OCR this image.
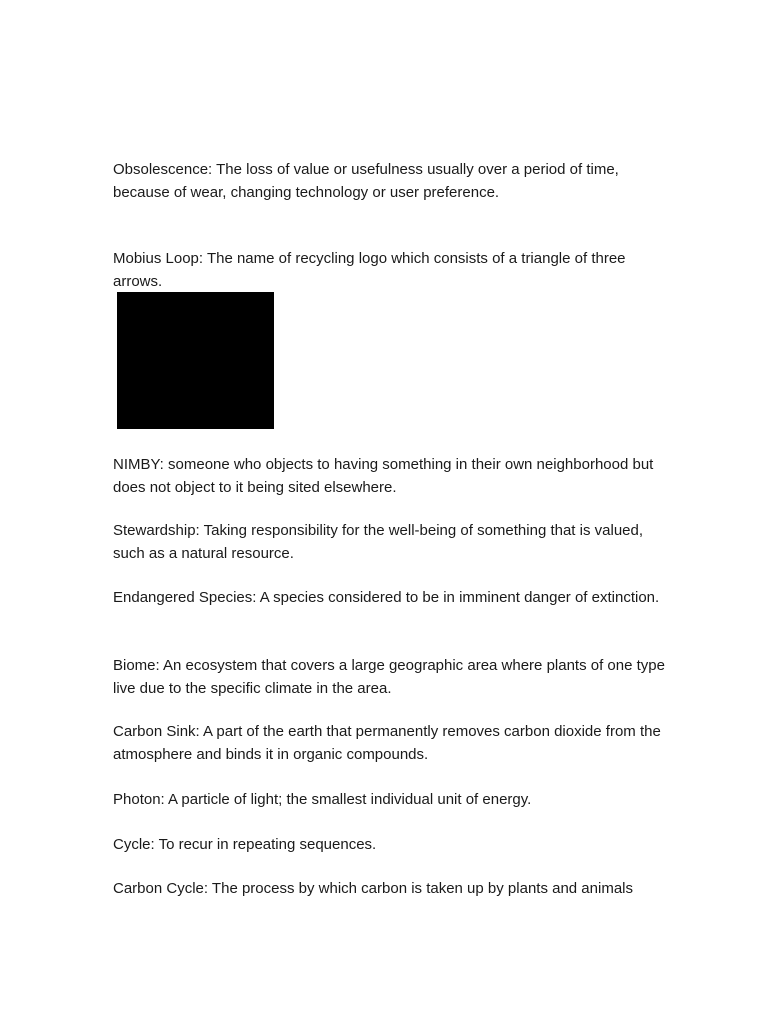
Obsolescence: The loss of value or usefulness usually over a period of time, because of wear, changing technology or user preference.

Mobius Loop: The name of recycling logo which consists of a triangle of three arrows.

NIMBY: someone who objects to having something in their own neighborhood but does not object to it being sited elsewhere.

Stewardship: Taking responsibility for the well-being of something that is valued, such as a natural resource.

Endangered Species: A species considered to be in imminent danger of extinction.

Biome: An ecosystem that covers a large geographic area where plants of one type live due to the specific climate in the area.

Carbon Sink: A part of the earth that permanently removes carbon dioxide from the atmosphere and binds it in organic compounds.

Photon: A particle of light; the smallest individual unit of energy.

Cycle: To recur in repeating sequences.

Carbon Cycle: The process by which carbon is taken up by plants and animals
